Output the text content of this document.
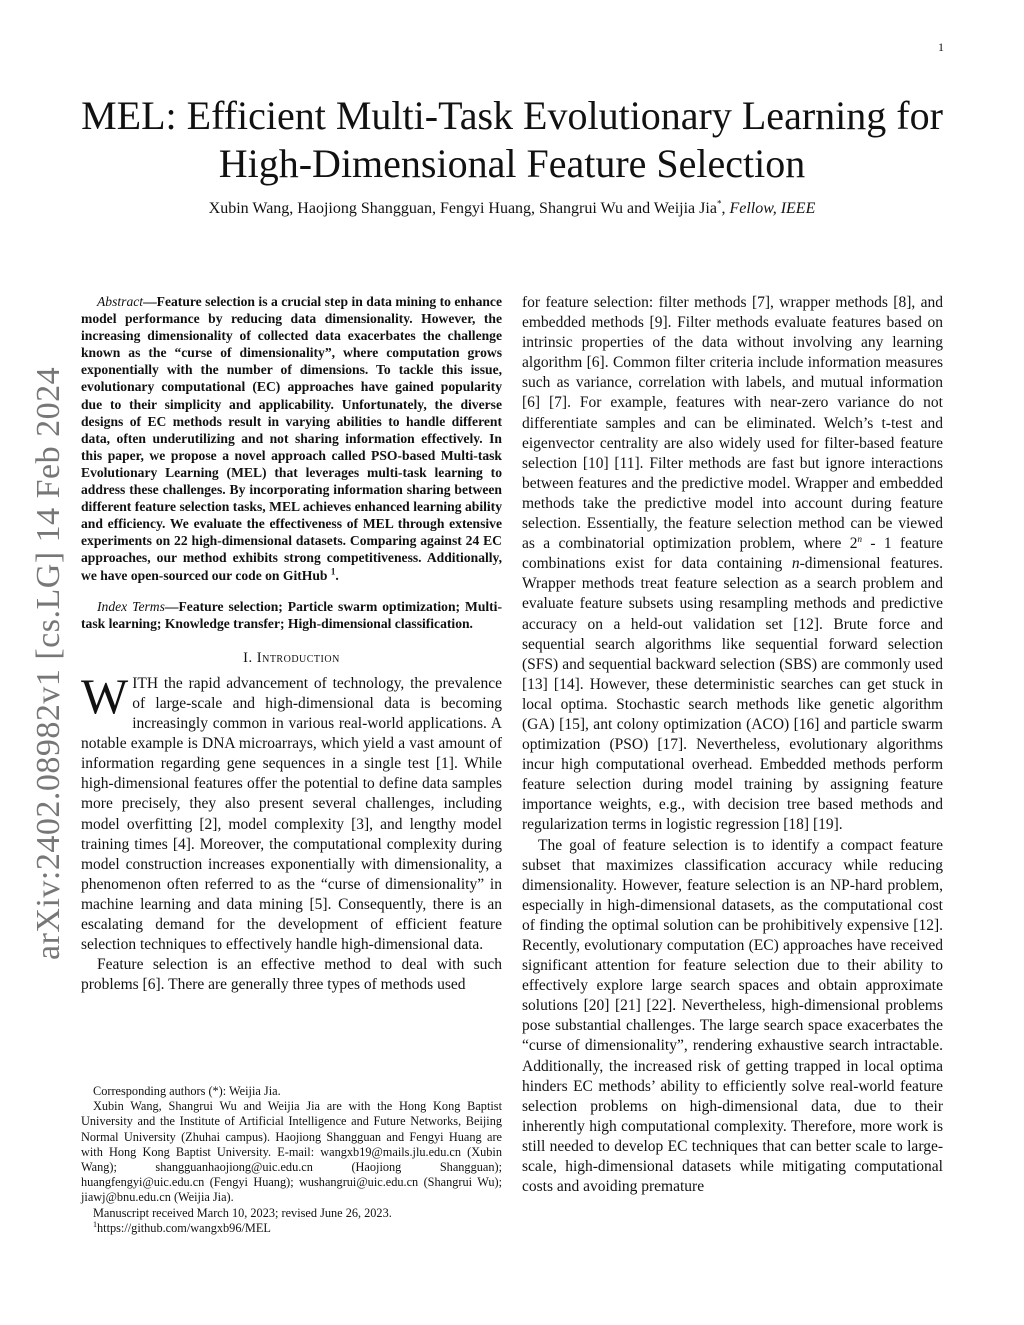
1
arXiv:2402.08982v1 [cs.LG] 14 Feb 2024
MEL: Efficient Multi-Task Evolutionary Learning for High-Dimensional Feature Selection
Xubin Wang, Haojiong Shangguan, Fengyi Huang, Shangrui Wu and Weijia Jia*, Fellow, IEEE

Abstract—Feature selection is a crucial step in data mining to enhance model performance by reducing data dimensionality. However, the increasing dimensionality of collected data exacerbates the challenge known as the “curse of dimensionality”, where computation grows exponentially with the number of dimensions. To tackle this issue, evolutionary computational (EC) approaches have gained popularity due to their simplicity and applicability. Unfortunately, the diverse designs of EC methods result in varying abilities to handle different data, often underutilizing and not sharing information effectively. In this paper, we propose a novel approach called PSO-based Multi-task Evolutionary Learning (MEL) that leverages multi-task learning to address these challenges. By incorporating information sharing between different feature selection tasks, MEL achieves enhanced learning ability and efficiency. We evaluate the effectiveness of MEL through extensive experiments on 22 high-dimensional datasets. Comparing against 24 EC approaches, our method exhibits strong competitiveness. Additionally, we have open-sourced our code on GitHub $^1$.

Index Terms—Feature selection; Particle swarm optimization; Multi-task learning; Knowledge transfer; High-dimensional classification.

I. Introduction

WITH the rapid advancement of technology, the prevalence of large-scale and high-dimensional data is becoming increasingly common in various real-world applications. A notable example is DNA microarrays, which yield a vast amount of information regarding gene sequences in a single test [1]. While high-dimensional features offer the potential to define data samples more precisely, they also present several challenges, including model overfitting [2], model complexity [3], and lengthy model training times [4]. Moreover, the computational complexity during model construction increases exponentially with dimensionality, a phenomenon often referred to as the “curse of dimensionality” in machine learning and data mining [5]. Consequently, there is an escalating demand for the development of efficient feature selection techniques to effectively handle high-dimensional data.

Feature selection is an effective method to deal with such problems [6]. There are generally three types of methods used

Corresponding authors (*): Weijia Jia.

Xubin Wang, Shangrui Wu and Weijia Jia are with the Hong Kong Baptist University and the Institute of Artificial Intelligence and Future Networks, Beijing Normal University (Zhuhai campus). Haojiong Shangguan and Fengyi Huang are with Hong Kong Baptist University. E-mail: wangxb19@mails.jlu.edu.cn (Xubin Wang); shangguanhaojiong@uic.edu.cn (Haojiong Shangguan); huangfengyi@uic.edu.cn (Fengyi Huang); wushangrui@uic.edu.cn (Shangrui Wu); jiawj@bnu.edu.cn (Weijia Jia).

Manuscript received March 10, 2023; revised June 26, 2023.

$^1$https://github.com/wangxb96/MEL

for feature selection: filter methods [7], wrapper methods [8], and embedded methods [9]. Filter methods evaluate features based on intrinsic properties of the data without involving any learning algorithm [6]. Common filter criteria include information measures such as variance, correlation with labels, and mutual information [6] [7]. For example, features with near-zero variance do not differentiate samples and can be eliminated. Welch’s t-test and eigenvector centrality are also widely used for filter-based feature selection [10] [11]. Filter methods are fast but ignore interactions between features and the predictive model. Wrapper and embedded methods take the predictive model into account during feature selection. Essentially, the feature selection method can be viewed as a combinatorial optimization problem, where 2$^n$ - 1 feature combinations exist for data containing n-dimensional features. Wrapper methods treat feature selection as a search problem and evaluate feature subsets using resampling methods and predictive accuracy on a held-out validation set [12]. Brute force and sequential search algorithms like sequential forward selection (SFS) and sequential backward selection (SBS) are commonly used [13] [14]. However, these deterministic searches can get stuck in local optima. Stochastic search methods like genetic algorithm (GA) [15], ant colony optimization (ACO) [16] and particle swarm optimization (PSO) [17]. Nevertheless, evolutionary algorithms incur high computational overhead. Embedded methods perform feature selection during model training by assigning feature importance weights, e.g., with decision tree based methods and regularization terms in logistic regression [18] [19].

The goal of feature selection is to identify a compact feature subset that maximizes classification accuracy while reducing dimensionality. However, feature selection is an NP-hard problem, especially in high-dimensional datasets, as the computational cost of finding the optimal solution can be prohibitively expensive [12]. Recently, evolutionary computation (EC) approaches have received significant attention for feature selection due to their ability to effectively explore large search spaces and obtain approximate solutions [20] [21] [22]. Nevertheless, high-dimensional problems pose substantial challenges. The large search space exacerbates the “curse of dimensionality”, rendering exhaustive search intractable. Additionally, the increased risk of getting trapped in local optima hinders EC methods’ ability to efficiently solve real-world feature selection problems on high-dimensional data, due to their inherently high computational complexity. Therefore, more work is still needed to develop EC techniques that can better scale to large-scale, high-dimensional datasets while mitigating computational costs and avoiding premature
